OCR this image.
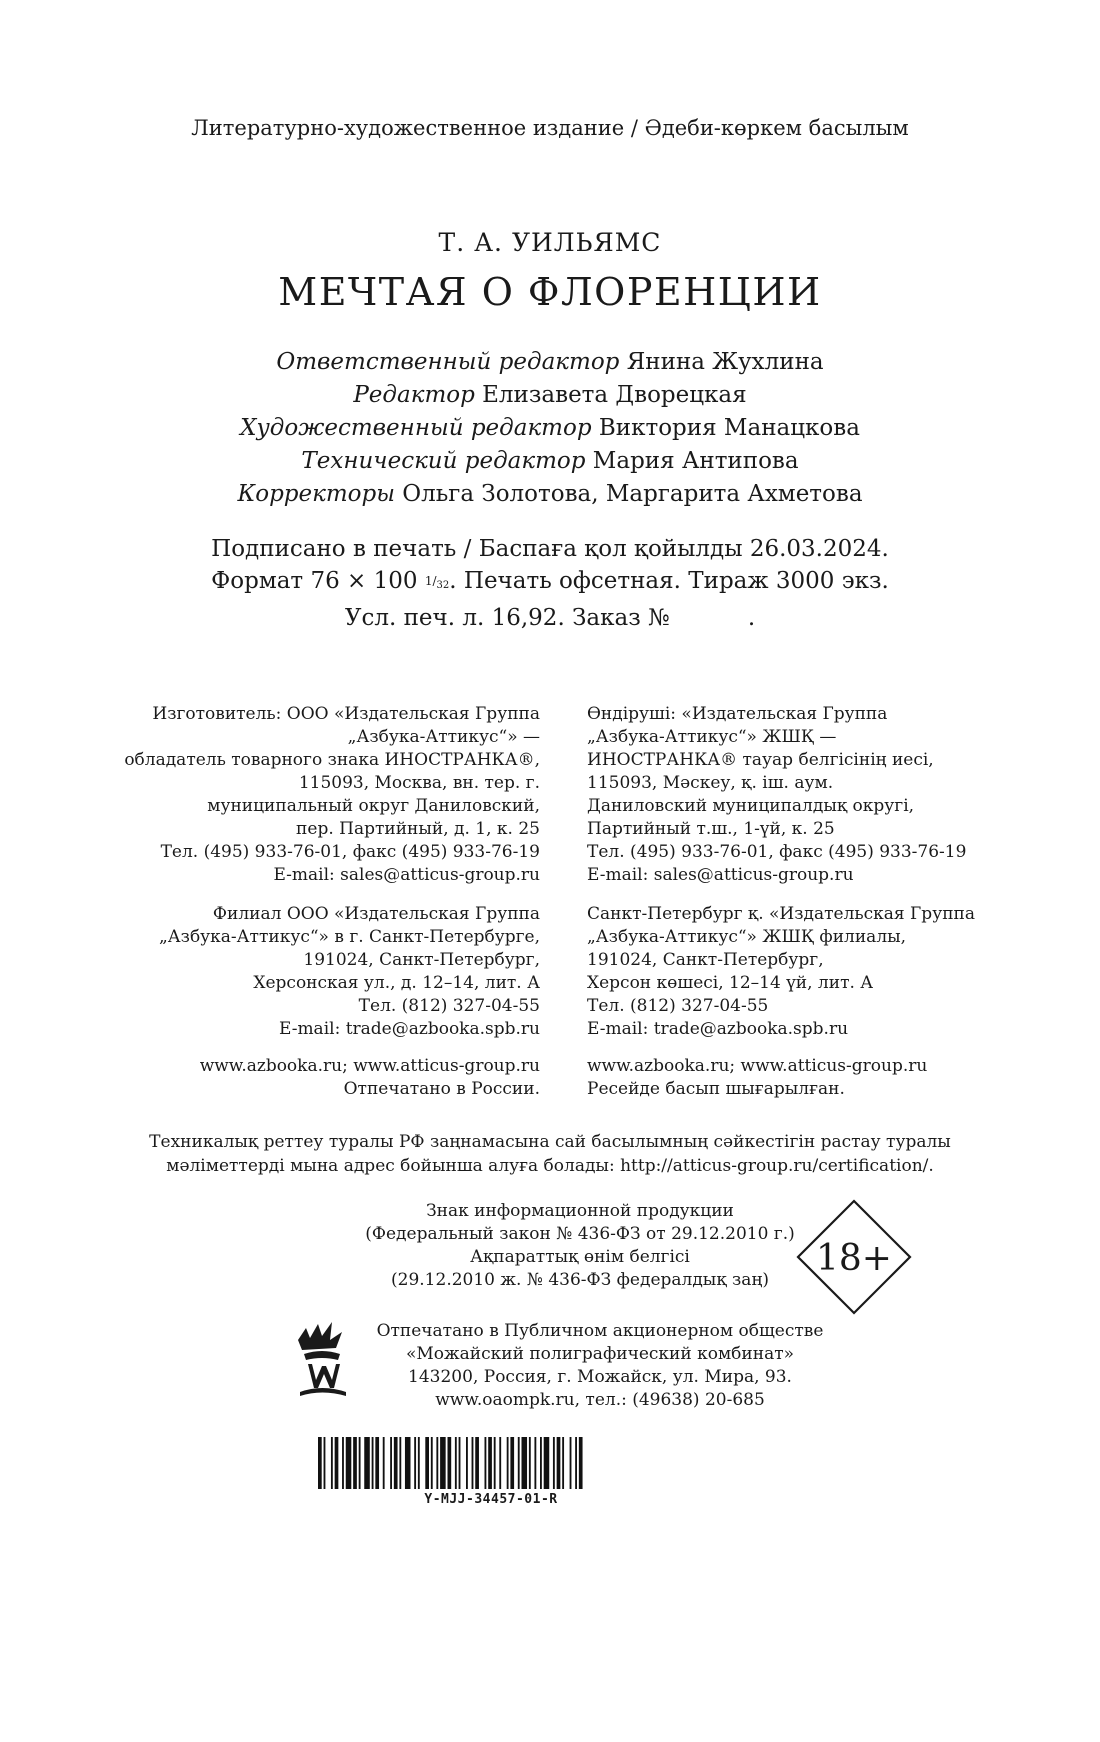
Литературно-художественное издание / Әдеби-көркем басылым
Т. А. УИЛЬЯМС
МЕЧТАЯ О ФЛОРЕНЦИИ
Ответственный редактор Янина Жухлина
Редактор Елизавета Дворецкая
Художественный редактор Виктория Манацкова
Технический редактор Мария Антипова
Корректоры Ольга Золотова, Маргарита Ахметова
Подписано в печать / Баспаға қол қойылды 26.03.2024.
Формат 76 × 100 $1/_{32}$. Печать офсетная. Тираж 3000 экз.
Усл. печ. л. 16,92. Заказ №	.
Изготовитель: ООО «Издательская Группа
„Азбука-Аттикус“» —
обладатель товарного знака ИНОСТРАНКА®,
115093, Москва, вн. тер. г.
муниципальный округ Даниловский,
пер. Партийный, д. 1, к. 25
Тел. (495) 933-76-01, факс (495) 933-76-19
E-mail: sales@atticus-group.ru
Өндіруші: «Издательская Группа
„Азбука-Аттикус“» ЖШҚ —
ИНОСТРАНКА® тауар белгісінің иесі,
115093, Мәскеу, қ. іш. аум.
Даниловский муниципалдық округі,
Партийный т.ш., 1-үй, к. 25
Тел. (495) 933-76-01, факс (495) 933-76-19
E-mail: sales@atticus-group.ru
Филиал ООО «Издательская Группа
„Азбука-Аттикус“» в г. Санкт-Петербурге,
191024, Санкт-Петербург,
Херсонская ул., д. 12–14, лит. А
Тел. (812) 327-04-55
E-mail: trade@azbooka.spb.ru
Санкт-Петербург қ. «Издательская Группа
„Азбука-Аттикус“» ЖШҚ филиалы,
191024, Санкт-Петербург,
Херсон көшесі, 12–14 үй, лит. А
Тел. (812) 327-04-55
E-mail: trade@azbooka.spb.ru
www.azbooka.ru; www.atticus-group.ru
Отпечатано в России.
www.azbooka.ru; www.atticus-group.ru
Ресейде басып шығарылған.
Техникалық реттеу туралы РФ заңнамасына сай басылымның сәйкестігін растау туралы
мәліметтерді мына адрес бойынша алуға болады: http://atticus-group.ru/certification/.
Знак информационной продукции
(Федеральный закон № 436-ФЗ от 29.12.2010 г.)
Ақпараттық өнім белгісі
(29.12.2010 ж. № 436-ФЗ федералдық заң)
18+
Отпечатано в Публичном акционерном обществе
«Можайский полиграфический комбинат»
143200, Россия, г. Можайск, ул. Мира, 93.
www.oaompk.ru, тел.: (49638) 20-685
Y-MJJ-34457-01-R
